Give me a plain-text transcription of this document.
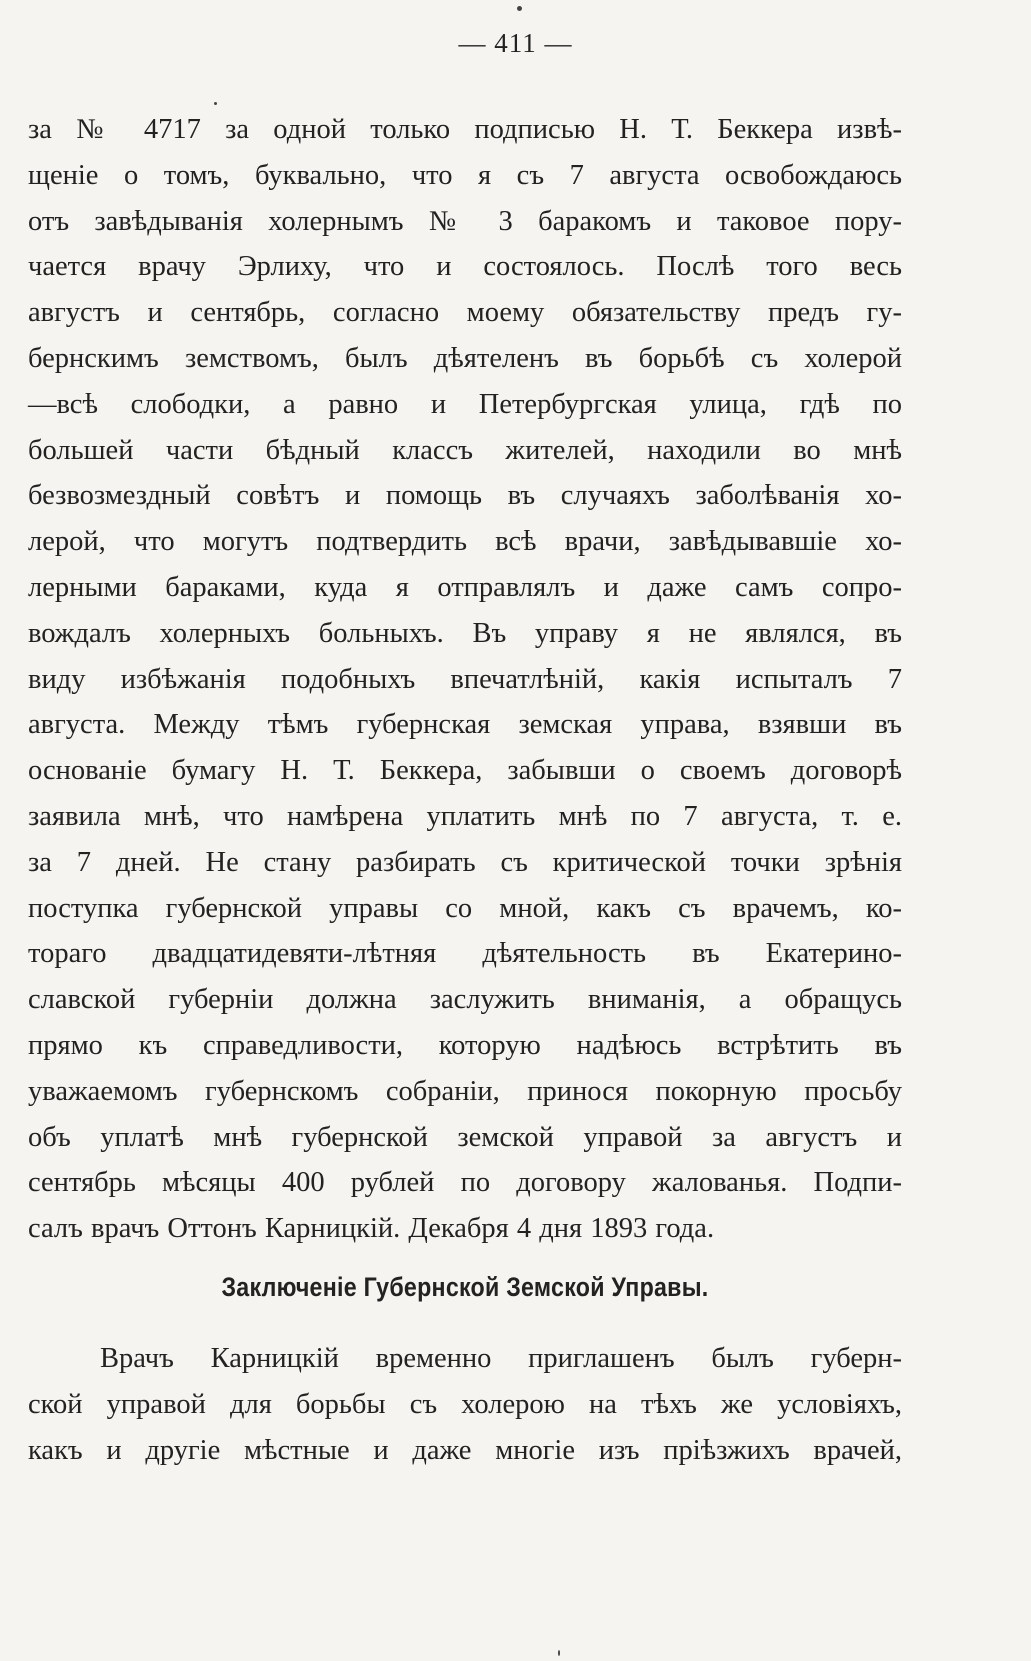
— 411 —
за № 4717 за одной только подписью Н. Т. Беккера извѣ-
щеніе о томъ, буквально, что я съ 7 августа освобождаюсь
отъ завѣдыванія холернымъ № 3 баракомъ и таковое пору-
чается врачу Эрлиху, что и состоялось. Послѣ того весь
августъ и сентябрь, согласно моему обязательству предъ гу-
бернскимъ земствомъ, былъ дѣятеленъ въ борьбѣ съ холерой
—всѣ слободки, а равно и Петербургская улица, гдѣ по
большей части бѣдный классъ жителей, находили во мнѣ
безвозмездный совѣтъ и помощь въ случаяхъ заболѣванія хо-
лерой, что могутъ подтвердить всѣ врачи, завѣдывавшіе хо-
лерными бараками, куда я отправлялъ и даже самъ сопро-
вождалъ холерныхъ больныхъ. Въ управу я не являлся, въ
виду избѣжанія подобныхъ впечатлѣній, какія испыталъ 7
августа. Между тѣмъ губернская земская управа, взявши въ
основаніе бумагу Н. Т. Беккера, забывши о своемъ договорѣ
заявила мнѣ, что намѣрена уплатить мнѣ по 7 августа, т. е.
за 7 дней. Не стану разбирать съ критической точки зрѣнія
поступка губернской управы со мной, какъ съ врачемъ, ко-
тораго двадцатидевяти-лѣтняя дѣятельность въ Екатерино-
славской губерніи должна заслужить вниманія, а обращусь
прямо къ справедливости, которую надѣюсь встрѣтить въ
уважаемомъ губернскомъ собраніи, принося покорную просьбу
объ уплатѣ мнѣ губернской земской управой за августъ и
сентябрь мѣсяцы 400 рублей по договору жалованья. Подпи-
салъ врачъ Оттонъ Карницкій. Декабря 4 дня 1893 года.
Заключеніе Губернской Земской Управы.
Врачъ Карницкій временно приглашенъ былъ губерн-
ской управой для борьбы съ холерою на тѣхъ же условіяхъ,
какъ и другіе мѣстные и даже многіе изъ пріѣзжихъ врачей,
